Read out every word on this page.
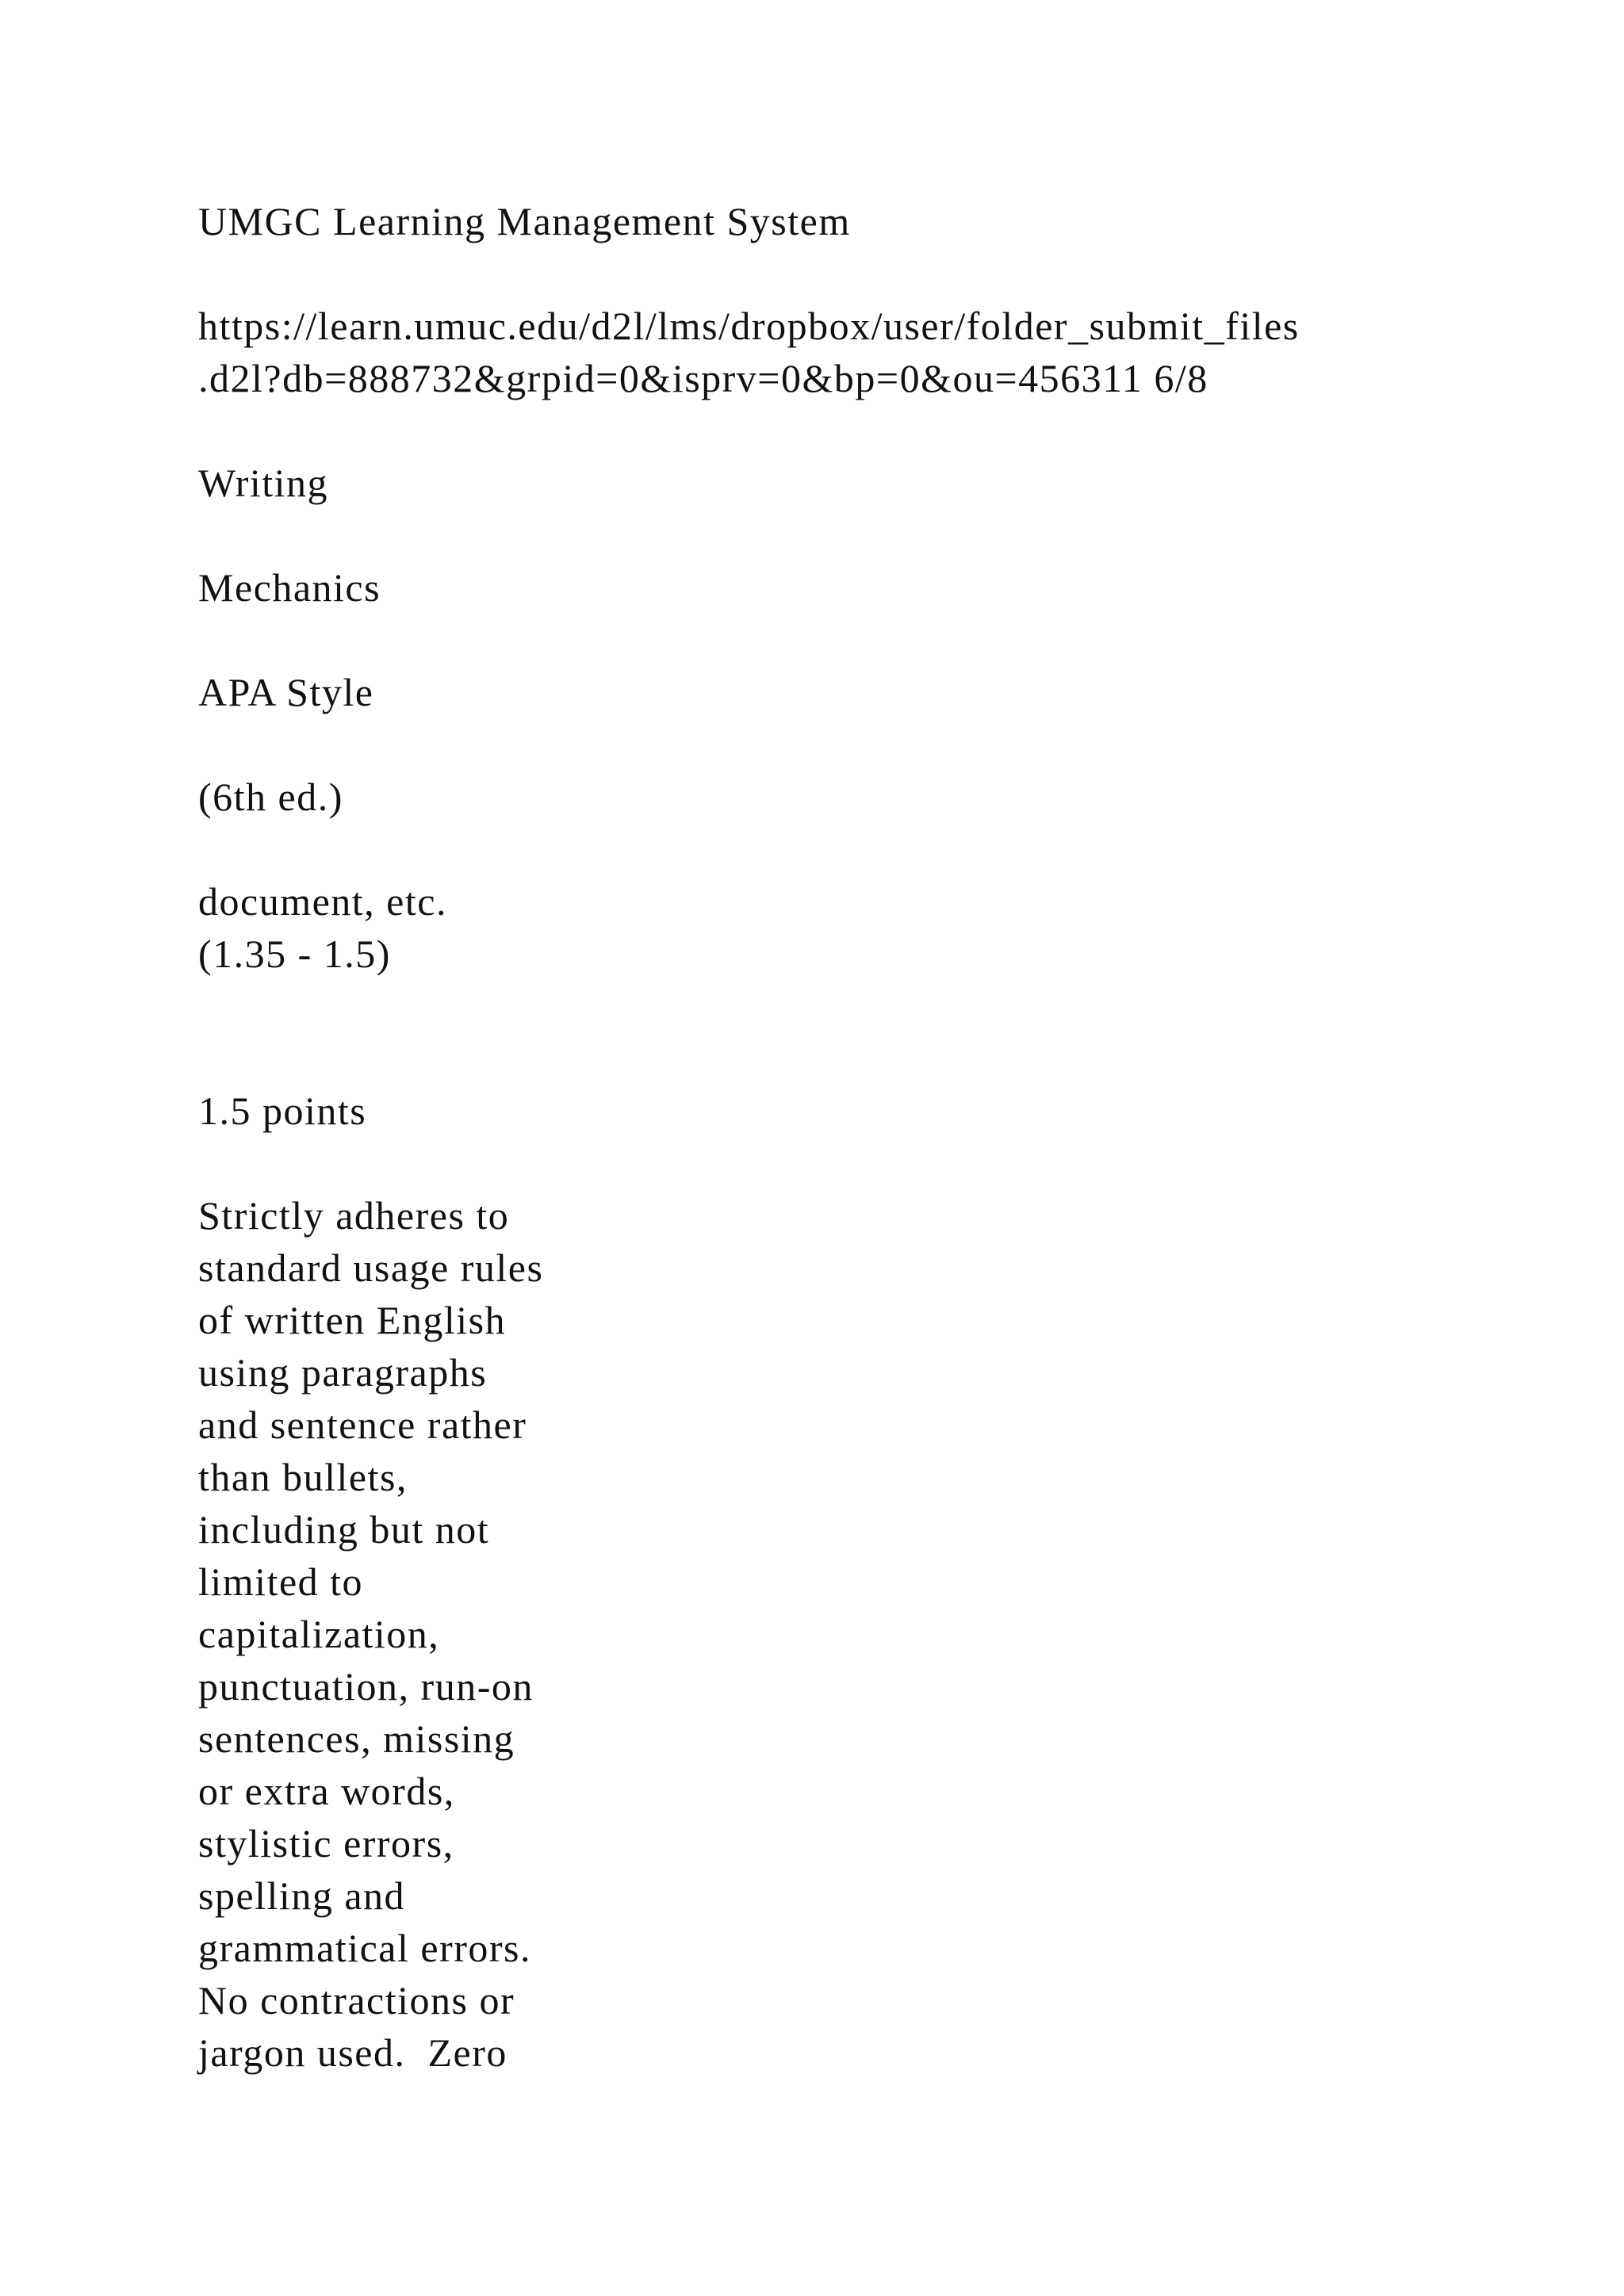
UMGC Learning Management System

https://learn.umuc.edu/d2l/lms/dropbox/user/folder_submit_files

.d2l?db=888732&grpid=0&isprv=0&bp=0&ou=456311 6/8

Writing

Mechanics

APA Style

(6th ed.)

document, etc.

(1.35 - 1.5)

1.5 points

Strictly adheres to

standard usage rules

of written English

using paragraphs

and sentence rather

than bullets,

including but not

limited to

capitalization,

punctuation, run-on

sentences, missing

or extra words,

stylistic errors,

spelling and

grammatical errors.

No contractions or

jargon used.  Zero
